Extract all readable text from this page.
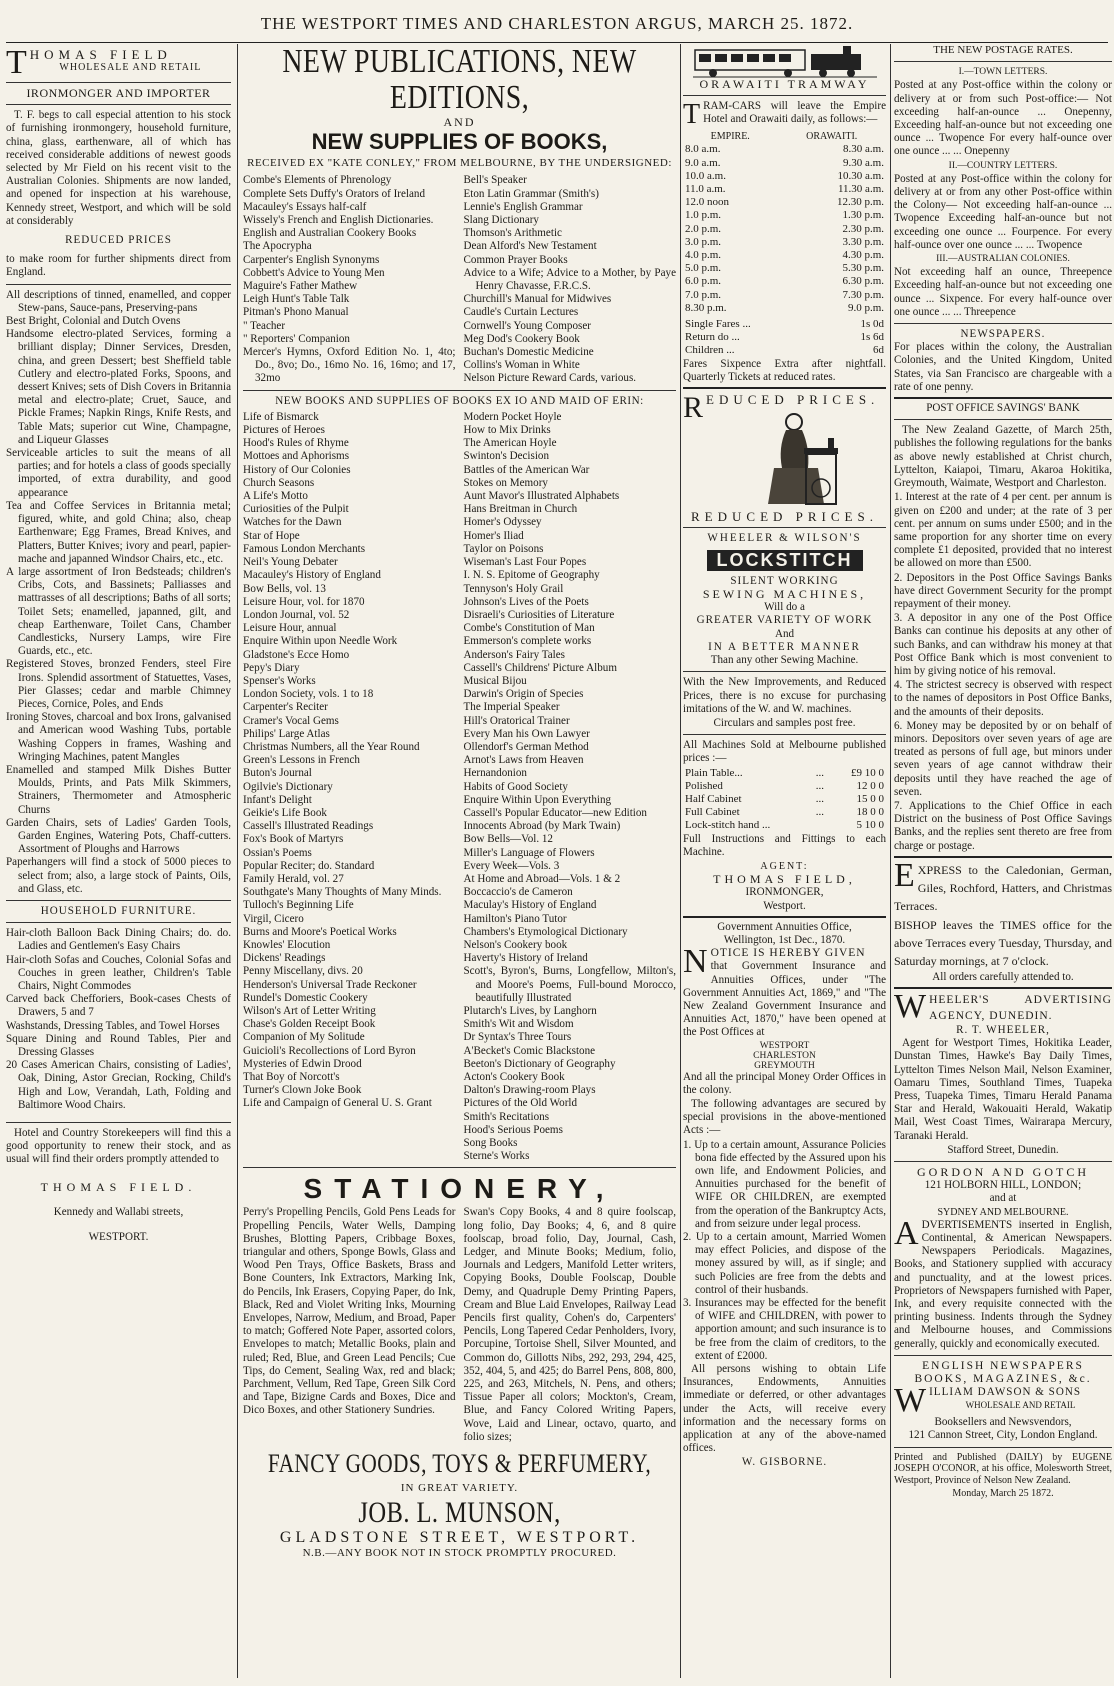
THE WESTPORT TIMES AND CHARLESTON ARGUS, MARCH 25. 1872.
T HOMAS FIELD
WHOLESALE AND RETAIL
IRONMONGER AND IMPORTER

T. F. begs to call especial attention to his stock of furnishing ironmongery, household furniture, china, glass, earthenware, all of which has received considerable additions of newest goods selected by Mr Field on his recent visit to the Australian Colonies. Shipments are now landed, and opened for inspection at his warehouse, Kennedy street, Westport, and which will be sold at considerably

REDUCED PRICES

to make room for further shipments direct from England.

All descriptions of tinned, enamelled, and copper Stew-pans, Sauce-pans, Preserving-pans
Best Bright, Colonial and Dutch Ovens
Handsome electro-plated Services, forming a brilliant display; Dinner Services, Dresden, china, and green Dessert; best Sheffield table Cutlery and electro-plated Forks, Spoons, and dessert Knives; sets of Dish Covers in Britannia metal and electro-plate; Cruet, Sauce, and Pickle Frames; Napkin Rings, Knife Rests, and Table Mats; superior cut Wine, Champagne, and Liqueur Glasses
Serviceable articles to suit the means of all parties; and for hotels a class of goods specially imported, of extra durability, and good appearance
Tea and Coffee Services in Britannia metal; figured, white, and gold China; also, cheap Earthenware; Egg Frames, Bread Knives, and Platters, Butter Knives; ivory and pearl, papier-mache and japanned Windsor Chairs, etc., etc.
A large assortment of Iron Bedsteads; children's Cribs, Cots, and Bassinets; Palliasses and mattrasses of all descriptions; Baths of all sorts; Toilet Sets; enamelled, japanned, gilt, and cheap Earthenware, Toilet Cans, Chamber Candlesticks, Nursery Lamps, wire Fire Guards, etc., etc.
Registered Stoves, bronzed Fenders, steel Fire Irons. Splendid assortment of Statuettes, Vases, Pier Glasses; cedar and marble Chimney Pieces, Cornice, Poles, and Ends
Ironing Stoves, charcoal and box Irons, galvanised and American wood Washing Tubs, portable Washing Coppers in frames, Washing and Wringing Machines, patent Mangles
Enamelled and stamped Milk Dishes Butter Moulds, Prints, and Pats Milk Skimmers, Strainers, Thermometer and Atmospheric Churns
Garden Chairs, sets of Ladies' Garden Tools, Garden Engines, Watering Pots, Chaff-cutters. Assortment of Ploughs and Harrows
Paperhangers will find a stock of 5000 pieces to select from; also, a large stock of Paints, Oils, and Glass, etc.
HOUSEHOLD FURNITURE.
Hair-cloth Balloon Back Dining Chairs; do. do. Ladies and Gentlemen's Easy Chairs
Hair-cloth Sofas and Couches, Colonial Sofas and Couches in green leather, Children's Table Chairs, Night Commodes
Carved back Chefforiers, Book-cases Chests of Drawers, 5 and 7
Washstands, Dressing Tables, and Towel Horses
Square Dining and Round Tables, Pier and Dressing Glasses
20 Cases American Chairs, consisting of Ladies', Oak, Dining, Astor Grecian, Rocking, Child's High and Low, Verandah, Lath, Folding and Baltimore Wood Chairs.

Hotel and Country Storekeepers will find this a good opportunity to renew their stock, and as usual will find their orders promptly attended to

THOMAS FIELD.
Kennedy and Wallabi streets,
WESTPORT.
NEW PUBLICATIONS, NEW EDITIONS,
AND
NEW SUPPLIES OF BOOKS,
RECEIVED EX "KATE CONLEY," FROM MELBOURNE, BY THE UNDERSIGNED:
Combe's Elements of Phrenology
Complete Sets Duffy's Orators of Ireland
Macauley's Essays half-calf
Wissely's French and English Dictionaries.
English and Australian Cookery Books
The Apocrypha
Carpenter's English Synonyms
Cobbett's Advice to Young Men
Maguire's Father Mathew
Leigh Hunt's Table Talk
Pitman's Phono Manual
" Teacher
" Reporters' Companion
Mercer's Hymns, Oxford Edition No. 1, 4to; Do., 8vo; Do., 16mo No. 16, 16mo; and 17, 32mo
Bell's Speaker
Eton Latin Grammar (Smith's)
Lennie's English Grammar
Slang Dictionary
Thomson's Arithmetic
Dean Alford's New Testament
Common Prayer Books
Advice to a Wife; Advice to a Mother, by Paye Henry Chavasse, F.R.C.S.
Churchill's Manual for Midwives
Caudle's Curtain Lectures
Cornwell's Young Composer
Meg Dod's Cookery Book
Buchan's Domestic Medicine
Collins's Woman in White
Nelson Picture Reward Cards, various.
NEW BOOKS AND SUPPLIES OF BOOKS EX IO AND MAID OF ERIN:
Life of Bismarck
Pictures of Heroes
Hood's Rules of Rhyme
Mottoes and Aphorisms
History of Our Colonies
Church Seasons
A Life's Motto
Curiosities of the Pulpit
Watches for the Dawn
Star of Hope
Famous London Merchants
Neil's Young Debater
Macauley's History of England
Bow Bells, vol. 13
Leisure Hour, vol. for 1870
London Journal, vol. 52
Leisure Hour, annual
Enquire Within upon Needle Work
Gladstone's Ecce Homo
Pepy's Diary
Spenser's Works
London Society, vols. 1 to 18
Carpenter's Reciter
Cramer's Vocal Gems
Philips' Large Atlas
Christmas Numbers, all the Year Round
Green's Lessons in French
Buton's Journal
Ogilvie's Dictionary
Infant's Delight
Geikie's Life Book
Cassell's Illustrated Readings
Fox's Book of Martyrs
Ossian's Poems
Popular Reciter; do. Standard
Family Herald, vol. 27
Southgate's Many Thoughts of Many Minds.
Tulloch's Beginning Life
Virgil, Cicero
Burns and Moore's Poetical Works
Knowles' Elocution
Dickens' Readings
Penny Miscellany, divs. 20
Henderson's Universal Trade Reckoner
Rundel's Domestic Cookery
Wilson's Art of Letter Writing
Chase's Golden Receipt Book
Companion of My Solitude
Guicioli's Recollections of Lord Byron
Mysteries of Edwin Drood
That Boy of Norcott's
Turner's Clown Joke Book
Life and Campaign of General U. S. Grant
Modern Pocket Hoyle
How to Mix Drinks
The American Hoyle
Swinton's Decision
Battles of the American War
Stokes on Memory
Aunt Mavor's Illustrated Alphabets
Hans Breitman in Church
Homer's Odyssey
Homer's Iliad
Taylor on Poisons
Wiseman's Last Four Popes
I. N. S. Epitome of Geography
Tennyson's Holy Grail
Johnson's Lives of the Poets
Disraeli's Curiosities of Literature
Combe's Constitution of Man
Emmerson's complete works
Anderson's Fairy Tales
Cassell's Childrens' Picture Album
Musical Bijou
Darwin's Origin of Species
The Imperial Speaker
Hill's Oratorical Trainer
Every Man his Own Lawyer
Ollendorf's German Method
Arnot's Laws from Heaven
Hernandonion
Habits of Good Society
Enquire Within Upon Everything
Cassell's Popular Educator—new Edition
Innocents Abroad (by Mark Twain)
Bow Bells—Vol. 12
Miller's Language of Flowers
Every Week—Vols. 3
At Home and Abroad—Vols. 1 & 2
Boccaccio's de Cameron
Maculay's History of England
Hamilton's Piano Tutor
Chambers's Etymological Dictionary
Nelson's Cookery book
Haverty's History of Ireland
Scott's, Byron's, Burns, Longfellow, Milton's, and Moore's Poems, Full-bound Morocco, beautifully Illustrated
Plutarch's Lives, by Langhorn
Smith's Wit and Wisdom
Dr Syntax's Three Tours
A'Becket's Comic Blackstone
Beeton's Dictionary of Geography
Acton's Cookery Book
Dalton's Drawing-room Plays
Pictures of the Old World
Smith's Recitations
Hood's Serious Poems
Song Books
Sterne's Works
STATIONERY,
Perry's Propelling Pencils, Gold Pens Leads for Propelling Pencils, Water Wells, Damping Brushes, Blotting Papers, Cribbage Boxes, triangular and others, Sponge Bowls, Glass and Wood Pen Trays, Office Baskets, Brass and Bone Counters, Ink Extractors, Marking Ink, do Pencils, Ink Erasers, Copying Paper, do Ink, Black, Red and Violet Writing Inks, Mourning Envelopes, Narrow, Medium, and Broad, Paper to match; Goffered Note Paper, assorted colors, Envelopes to match; Metallic Books, plain and ruled; Red, Blue, and Green Lead Pencils; Cue Tips, do Cement, Sealing Wax, red and black; Parchment, Vellum, Red Tape, Green Silk Cord and Tape, Bizigne Cards and Boxes, Dice and Dico Boxes, and other Stationery Sundries.
Swan's Copy Books, 4 and 8 quire foolscap, long folio, Day Books; 4, 6, and 8 quire foolscap, broad folio, Day, Journal, Cash, Ledger, and Minute Books; Medium, folio, Journals and Ledgers, Manifold Letter writers, Copying Books, Double Foolscap, Double Demy, and Quadruple Demy Printing Papers, Cream and Blue Laid Envelopes, Railway Lead Pencils first quality, Cohen's do, Carpenters' Pencils, Long Tapered Cedar Penholders, Ivory, Porcupine, Tortoise Shell, Silver Mounted, and Common do, Gillotts Nibs, 292, 293, 294, 425, 352, 404, 5, and 425; do Barrel Pens, 808, 800, 225, and 263, Mitchels, N. Pens, and others; Tissue Paper all colors; Mockton's, Cream, Blue, and Fancy Colored Writing Papers, Wove, Laid and Linear, octavo, quarto, and folio sizes;
FANCY GOODS, TOYS & PERFUMERY,
IN GREAT VARIETY.
JOB. L. MUNSON,
GLADSTONE STREET, WESTPORT.
N.B.—ANY BOOK NOT IN STOCK PROMPTLY PROCURED.
ORAWAITI TRAMWAY
T RAM-CARS will leave the Empire Hotel and Orawaiti daily, as follows:—

EMPIRE.	ORAWAITI.
8.0 a.m.	8.30 a.m.
9.0 a.m.	9.30 a.m.
10.0 a.m.	10.30 a.m.
11.0 a.m.	11.30 a.m.
12.0 noon	12.30 p.m.
1.0 p.m.	1.30 p.m.
2.0 p.m.	2.30 p.m.
3.0 p.m.	3.30 p.m.
4.0 p.m.	4.30 p.m.
5.0 p.m.	5.30 p.m.
6.0 p.m.	6.30 p.m.
7.0 p.m.	7.30 p.m.
8.30 p.m.	9.0 p.m.
Single Fares ...	1s 0d
Return do ...	1s 6d
Children ...	6d

Fares Sixpence Extra after nightfall. Quarterly Tickets at reduced rates.

R EDUCED PRICES.
REDUCED PRICES.
WHEELER & WILSON'S
LOCKSTITCH
SILENT WORKING
SEWING MACHINES,
Will do a
GREATER VARIETY OF WORK
And
IN A BETTER MANNER
Than any other Sewing Machine.

With the New Improvements, and Reduced Prices, there is no excuse for purchasing imitations of the W. and W. machines.

Circulars and samples post free.

All Machines Sold at Melbourne published prices :—

Plain Table...	...	£9 10 0
Polished	...	12 0 0
Half Cabinet	...	15 0 0
Full Cabinet	...	18 0 0
Lock-stitch hand ...		5 10 0

Full Instructions and Fittings to each Machine.

AGENT:
THOMAS FIELD,
IRONMONGER,
Westport.
Government Annuities Office,
Wellington, 1st Dec., 1870.
N OTICE IS HEREBY GIVEN

that Government Insurance and Annuities Offices, under "The Government Annuities Act, 1869," and "The New Zealand Government Insurance and Annuities Act, 1870," have been opened at the Post Offices at

WESTPORT
CHARLESTON
GREYMOUTH

And all the principal Money Order Offices in the colony.

The following advantages are secured by special provisions in the above-mentioned Acts :—

1. Up to a certain amount, Assurance Policies bona fide effected by the Assured upon his own life, and Endowment Policies, and Annuities purchased for the benefit of WIFE OR CHILDREN, are exempted from the operation of the Bankruptcy Acts, and from seizure under legal process.
2. Up to a certain amount, Married Women may effect Policies, and dispose of the money assured by will, as if single; and such Policies are free from the debts and control of their husbands.
3. Insurances may be effected for the benefit of WIFE and CHILDREN, with power to apportion amount; and such insurance is to be free from the claim of creditors, to the extent of £2000.

All persons wishing to obtain Life Insurances, Endowments, Annuities immediate or deferred, or other advantages under the Acts, will receive every information and the necessary forms on application at any of the above-named offices.

W. GISBORNE.
THE NEW POSTAGE RATES.
I.—TOWN LETTERS.

Posted at any Post-office within the colony or delivery at or from such Post-office:— Not exceeding half-an-ounce ... Onepenny, Exceeding half-an-ounce but not exceeding one ounce ... Twopence For every half-ounce over one ounce ... ... Onepenny

II.—COUNTRY LETTERS.

Posted at any Post-office within the colony for delivery at or from any other Post-office within the Colony— Not exceeding half-an-ounce ... Twopence Exceeding half-an-ounce but not exceeding one ounce ... Fourpence. For every half-ounce over one ounce ... ... Twopence

III.—AUSTRALIAN COLONIES.

Not exceeding half an ounce, Threepence Exceeding half-an-ounce but not exceeding one ounce ... Sixpence. For every half-ounce over one ounce ... ... Threepence

NEWSPAPERS.

For places within the colony, the Australian Colonies, and the United Kingdom, United States, via San Francisco are chargeable with a rate of one penny.

POST OFFICE SAVINGS' BANK

The New Zealand Gazette, of March 25th, publishes the following regulations for the banks as above newly established at Christ church, Lyttelton, Kaiapoi, Timaru, Akaroa Hokitika, Greymouth, Waimate, Westport and Charleston.

1. Interest at the rate of 4 per cent. per annum is given on £200 and under; at the rate of 3 per cent. per annum on sums under £500; and in the same proportion for any shorter time on every complete £1 deposited, provided that no interest be allowed on more than £500.
2. Depositors in the Post Office Savings Banks have direct Government Security for the prompt repayment of their money.
3. A depositor in any one of the Post Office Banks can continue his deposits at any other of such Banks, and can withdraw his money at that Post Office Bank which is most convenient to him by giving notice of his removal.
4. The strictest secrecy is observed with respect to the names of depositors in Post Office Banks, and the amounts of their deposits.
6. Money may be deposited by or on behalf of minors. Depositors over seven years of age are treated as persons of full age, but minors under seven years of age cannot withdraw their deposits until they have reached the age of seven.
7. Applications to the Chief Office in each District on the business of Post Office Savings Banks, and the replies sent thereto are free from charge or postage.
E XPRESS to the Caledonian, German, Giles, Rochford, Hatters, and Christmas Terraces.

BISHOP leaves the TIMES office for the above Terraces every Tuesday, Thursday, and Saturday mornings, at 7 o'clock.

All orders carefully attended to.
W HEELER'S ADVERTISING AGENCY, DUNEDIN.
R. T. WHEELER,

Agent for Westport Times, Hokitika Leader, Dunstan Times, Hawke's Bay Daily Times, Lyttelton Times Nelson Mail, Nelson Examiner, Oamaru Times, Southland Times, Tuapeka Press, Tuapeka Times, Timaru Herald Panama Star and Herald, Wakouaiti Herald, Wakatip Mail, West Coast Times, Wairarapa Mercury, Taranaki Herald.

Stafford Street, Dunedin.
GORDON AND GOTCH
121 HOLBORN HILL, LONDON;
and at
SYDNEY AND MELBOURNE.
A DVERTISEMENTS inserted in English, Continental, & American Newspapers. Newspapers Periodicals. Magazines, Books, and Stationery supplied with accuracy and punctuality, and at the lowest prices. Proprietors of Newspapers furnished with Paper, Ink, and every requisite connected with the printing business. Indents through the Sydney and Melbourne houses, and Commissions generally, quickly and economically executed.

ENGLISH NEWSPAPERS BOOKS, MAGAZINES, &c.
W ILLIAM DAWSON & SONS
WHOLESALE AND RETAIL
Booksellers and Newsvendors,
121 Cannon Street, City, London England.

Printed and Published (DAILY) by EUGENE JOSEPH O'CONOR, at his office, Molesworth Street, Westport, Province of Nelson New Zealand.

Monday, March 25 1872.
